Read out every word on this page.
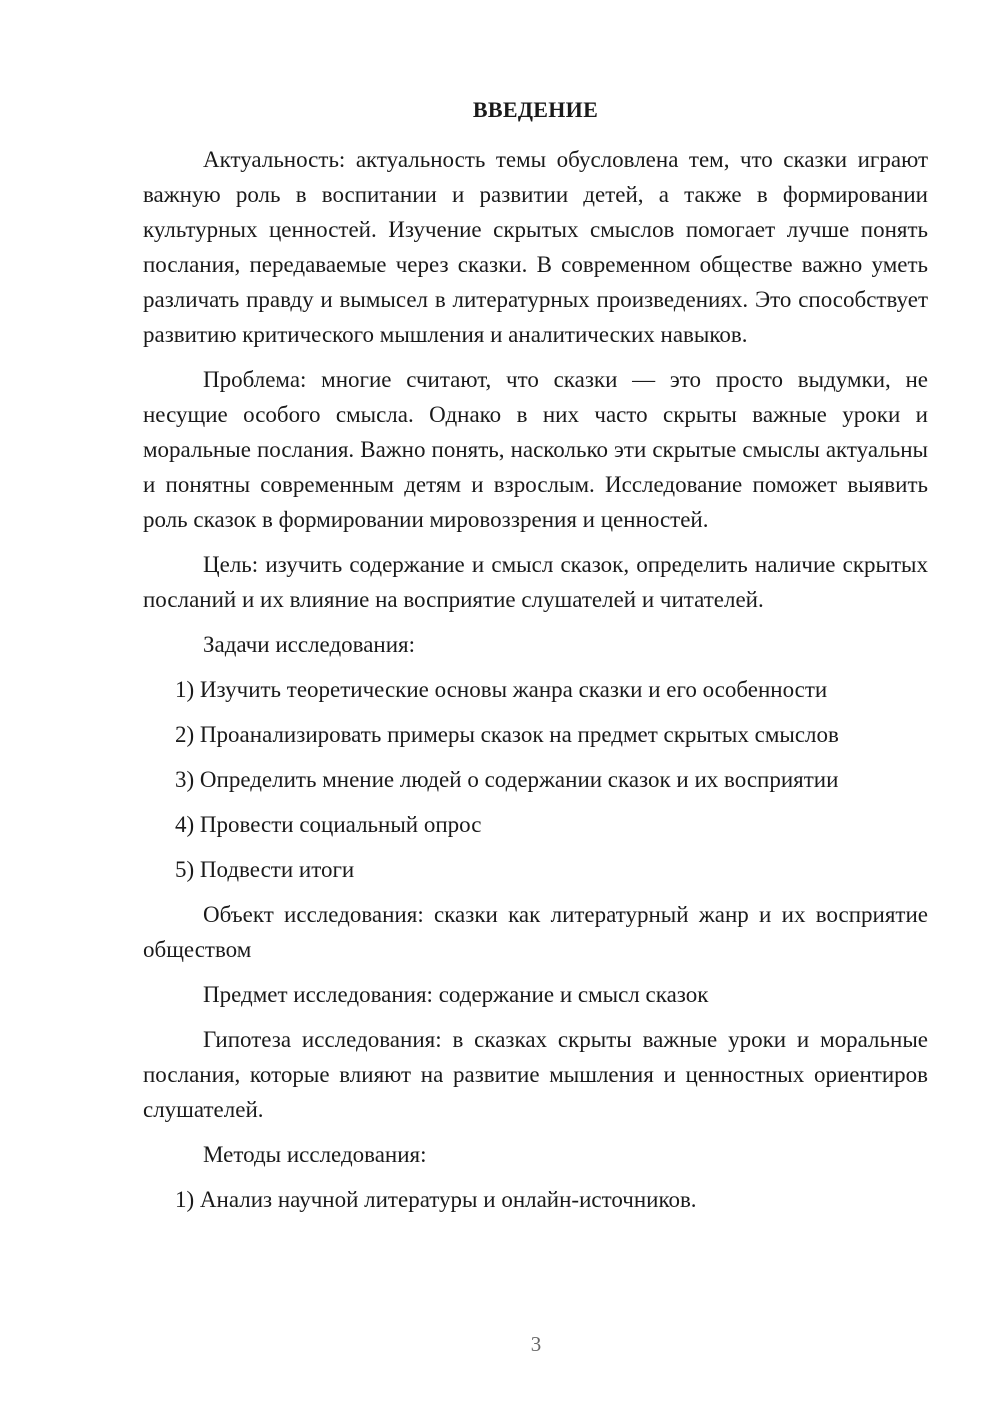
ВВЕДЕНИЕ

Актуальность: актуальность темы обусловлена тем, что сказки играют важную роль в воспитании и развитии детей, а также в формировании культурных ценностей. Изучение скрытых смыслов помогает лучше понять послания, передаваемые через сказки. В современном обществе важно уметь различать правду и вымысел в литературных произведениях. Это способствует развитию критического мышления и аналитических навыков.

Проблема: многие считают, что сказки — это просто выдумки, не несущие особого смысла. Однако в них часто скрыты важные уроки и моральные послания. Важно понять, насколько эти скрытые смыслы актуальны и понятны современным детям и взрослым. Исследование поможет выявить роль сказок в формировании мировоззрения и ценностей.

Цель: изучить содержание и смысл сказок, определить наличие скрытых посланий и их влияние на восприятие слушателей и читателей.

Задачи исследования:

1) Изучить теоретические основы жанра сказки и его особенности

2) Проанализировать примеры сказок на предмет скрытых смыслов

3) Определить мнение людей о содержании сказок и их восприятии

4) Провести социальный опрос

5) Подвести итоги

Объект исследования: сказки как литературный жанр и их восприятие обществом

Предмет исследования: содержание и смысл сказок

Гипотеза исследования: в сказках скрыты важные уроки и моральные послания, которые влияют на развитие мышления и ценностных ориентиров слушателей.

Методы исследования:

1) Анализ научной литературы и онлайн-источников.

3
